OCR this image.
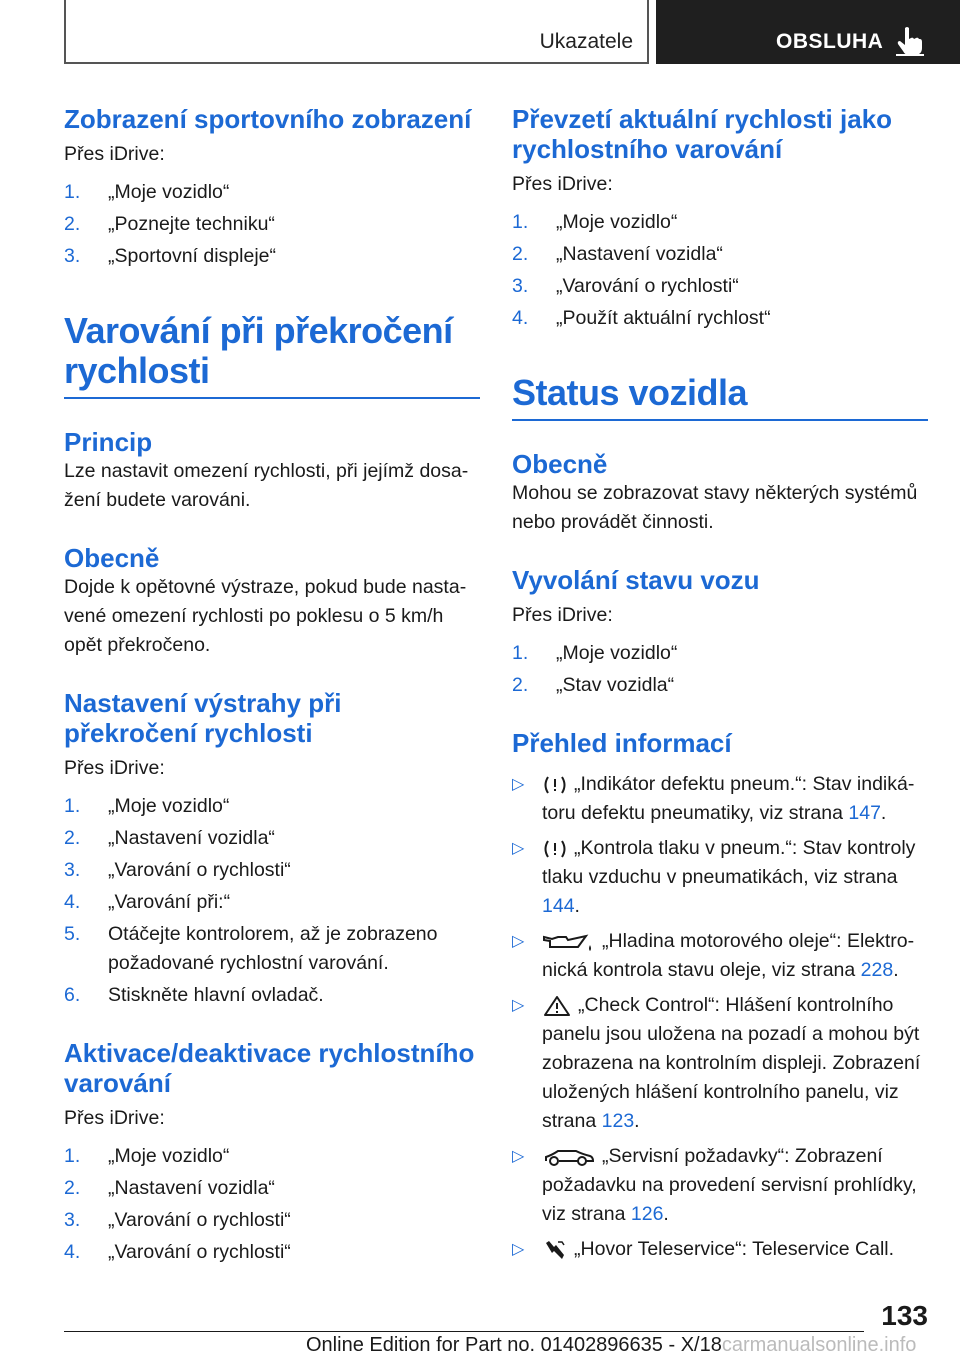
Ukazatele	OBSLUHA
Zobrazení sportovního zobrazení

Přes iDrive:

1. „Moje vozidlo“
2. „Poznejte techniku“
3. „Sportovní displeje“
Varování při překročení rychlosti
Princip

Lze nastavit omezení rychlosti, při jejímž dosažení budete varováni.

Obecně

Dojde k opětovné výstraze, pokud bude nastavené omezení rychlosti po poklesu o 5 km/h opět překročeno.

Nastavení výstrahy při překročení rychlosti

Přes iDrive:

1. „Moje vozidlo“
2. „Nastavení vozidla“
3. „Varování o rychlosti“
4. „Varování při:“
5. Otáčejte kontrolorem, až je zobrazeno požadované rychlostní varování.
6. Stiskněte hlavní ovladač.
Aktivace/deaktivace rychlostního varování

Přes iDrive:

1. „Moje vozidlo“
2. „Nastavení vozidla“
3. „Varování o rychlosti“
4. „Varování o rychlosti“
Převzetí aktuální rychlosti jako rychlostního varování

Přes iDrive:

1. „Moje vozidlo“
2. „Nastavení vozidla“
3. „Varování o rychlosti“
4. „Použít aktuální rychlost“
Status vozidla
Obecně

Mohou se zobrazovat stavy některých systémů nebo provádět činnosti.

Vyvolání stavu vozu

Přes iDrive:

1. „Moje vozidlo“
2. „Stav vozidla“
Přehled informací
▷	„Indikátor defektu pneum.“: Stav indikátoru defektu pneumatiky, viz strana 147.
▷	„Kontrola tlaku v pneum.“: Stav kontroly tlaku vzduchu v pneumatikách, viz strana 144.
▷	„Hladina motorového oleje“: Elektronická kontrola stavu oleje, viz strana 228.
▷	„Check Control“: Hlášení kontrolního panelu jsou uložena na pozadí a mohou být zobrazena na kontrolním displeji. Zobrazení uložených hlášení kontrolního panelu, viz strana 123.
▷	„Servisní požadavky“: Zobrazení požadavku na provedení servisní prohlídky, viz strana 126.
▷	„Hovor Teleservice“: Teleservice Call.
133
Online Edition for Part no. 01402896635 - X/18carmanualsonline.info
